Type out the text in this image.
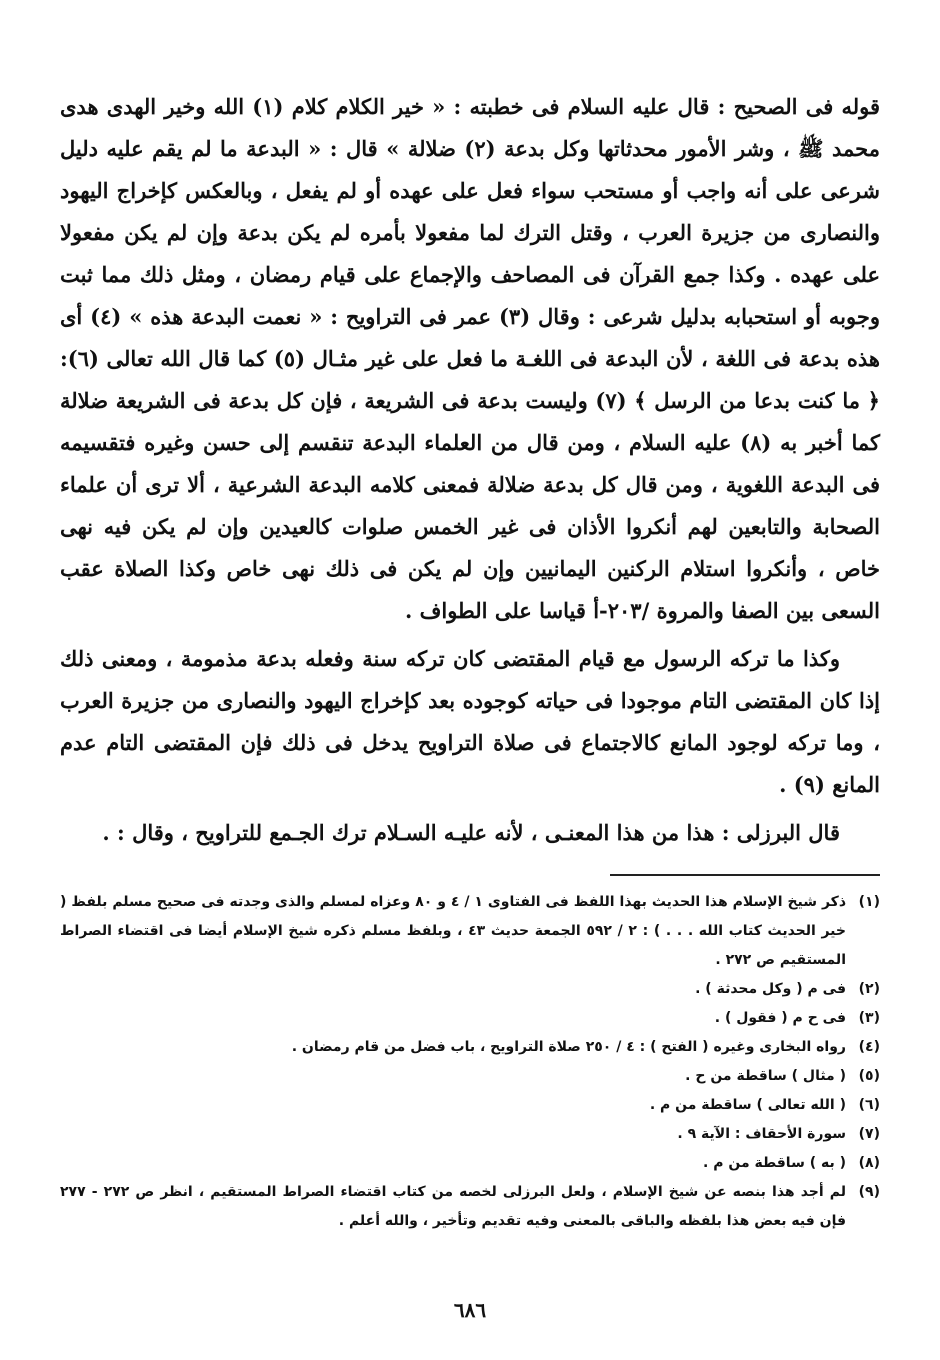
قوله فى الصحيح : قال عليه السلام فى خطبته : « خير الكلام كلام (١) الله وخير الهدى هدى محمد ﷺ ، وشر الأمور محدثاتها وكل بدعة (٢) ضلالة » قال : « البدعة ما لم يقم عليه دليل شرعى على أنه واجب أو مستحب سواء فعل على عهده أو لم يفعل ، وبالعكس كإخراج اليهود والنصارى من جزيرة العرب ، وقتل الترك لما مفعولا بأمره لم يكن بدعة وإن لم يكن مفعولا على عهده . وكذا جمع القرآن فى المصاحف والإجماع على قيام رمضان ، ومثل ذلك مما ثبت وجوبه أو استحبابه بدليل شرعى : وقال (٣) عمر فى التراويح : « نعمت البدعة هذه » (٤) أى هذه بدعة فى اللغة ، لأن البدعة فى اللغـة ما فعل على غير مثـال (٥) كما قال الله تعالى (٦): ﴿ ما كنت بدعا من الرسل ﴾ (٧) وليست بدعة فى الشريعة ، فإن كل بدعة فى الشريعة ضلالة كما أخبر به (٨) عليه السلام ، ومن قال من العلماء البدعة تنقسم إلى حسن وغيره فتقسيمه فى البدعة اللغوية ، ومن قال كل بدعة ضلالة فمعنى كلامه البدعة الشرعية ، ألا ترى أن علماء الصحابة والتابعين لهم أنكروا الأذان فى غير الخمس صلوات كالعيدين وإن لم يكن فيه نهى خاص ، وأنكروا استلام الركنين اليمانيين وإن لم يكن فى ذلك نهى خاص وكذا الصلاة عقب السعى بين الصفا والمروة /٢٠٣-أ قياسا على الطواف .

وكذا ما تركه الرسول مع قيام المقتضى كان تركه سنة وفعله بدعة مذمومة ، ومعنى ذلك إذا كان المقتضى التام موجودا فى حياته كوجوده بعد كإخراج اليهود والنصارى من جزيرة العرب ، وما تركه لوجود المانع كالاجتماع فى صلاة التراويح يدخل فى ذلك فإن المقتضى التام عدم المانع (٩) .

قال البرزلى : هذا من هذا المعنـى ، لأنه عليـه السـلام ترك الجـمع للتراويح ، وقال : .

(١)
ذكر شيخ الإسلام هذا الحديث بهذا اللفظ فى الفتاوى ١ / ٤ و ٨٠ وعزاه لمسلم والذى وجدته فى صحيح مسلم بلفظ ( خير الحديث كتاب الله . . . ) : ٢ / ٥٩٢ الجمعة حديث ٤٣ ، وبلفظ مسلم ذكره شيخ الإسلام أيضا فى اقتضاء الصراط المستقيم ص ٢٧٢ .
(٢)
فى م ( وكل محدثة ) .
(٣)
فى ح م ( فقول ) .
(٤)
رواه البخارى وغيره ( الفتح ) : ٤ / ٢٥٠ صلاة التراويح ، باب فضل من قام رمضان .
(٥)
( مثال ) ساقطة من ح .
(٦)
( الله تعالى ) ساقطة من م .
(٧)
سورة الأحقاف : الآية ٩ .
(٨)
( به ) ساقطة من م .
(٩)
لم أجد هذا بنصه عن شيخ الإسلام ، ولعل البرزلى لخصه من كتاب اقتضاء الصراط المستقيم ، انظر ص ٢٧٢ - ٢٧٧ فإن فيه بعض هذا بلفظه والباقى بالمعنى وفيه تقديم وتأخير ، والله أعلم .
٦٨٦
